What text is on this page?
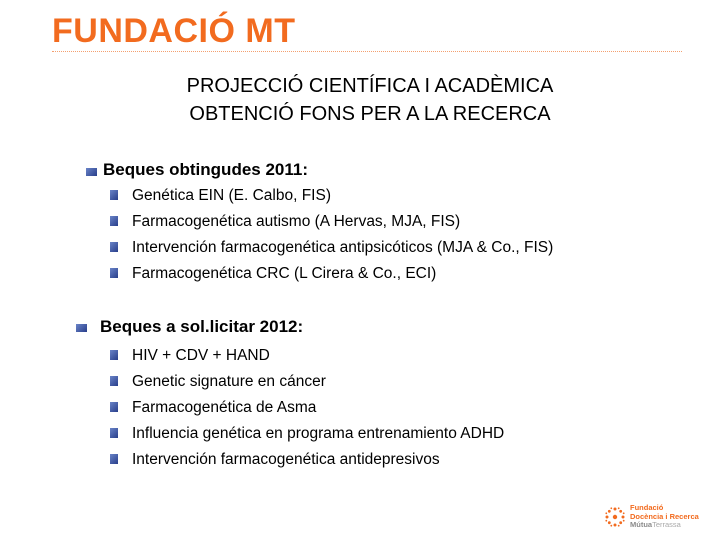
FUNDACIÓ MT
PROJECCIÓ CIENTÍFICA I ACADÈMICA
OBTENCIÓ FONS PER A LA RECERCA
Beques obtingudes 2011:
Genética EIN (E. Calbo, FIS)
Farmacogenética autismo (A Hervas, MJA, FIS)
Intervención farmacogenética antipsicóticos (MJA & Co., FIS)
Farmacogenética CRC (L Cirera & Co., ECI)
Beques a sol.licitar 2012:
HIV + CDV + HAND
Genetic signature en cáncer
Farmacogenética de Asma
Influencia genética en programa entrenamiento ADHD
Intervención farmacogenética antidepresivos
Fundació
Docència i Recerca
MútuaTerrassa
